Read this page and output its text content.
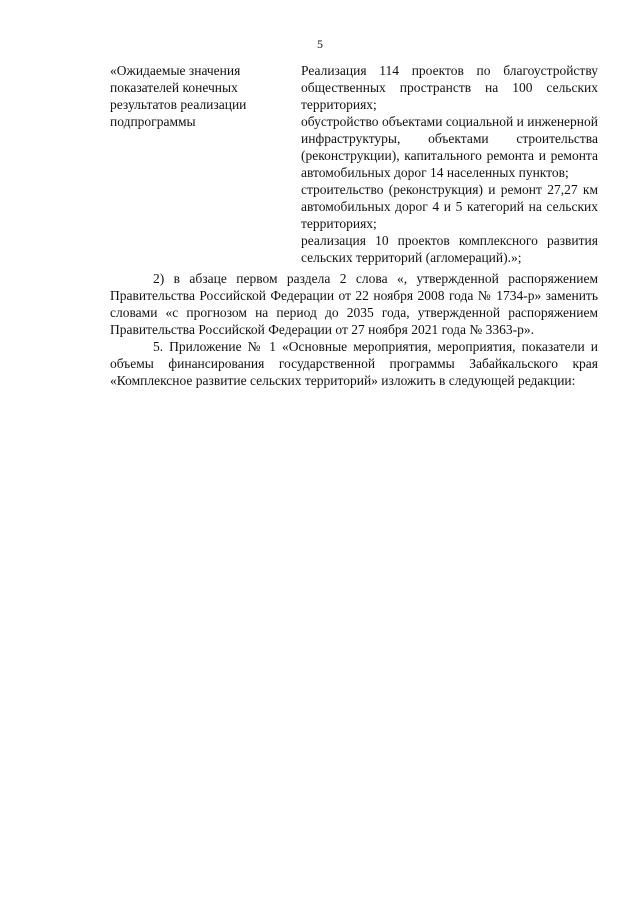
5

«Ожидаемые значения показателей конечных результатов реализации подпрограммы

Реализация 114 проектов по благоустройству общественных пространств на 100 сельских территориях;

обустройство объектами социальной и инженерной инфраструктуры, объектами строительства (реконструкции), капитального ремонта и ремонта автомобильных дорог 14 населенных пунктов;

строительство (реконструкция) и ремонт 27,27 км автомобильных дорог 4 и 5 категорий на сельских территориях;

реализация 10 проектов комплексного развития сельских территорий (агломераций).»;

2) в абзаце первом раздела 2 слова «, утвержденной распоряжением Правительства Российской Федерации от 22 ноября 2008 года № 1734-р» заменить словами «с прогнозом на период до 2035 года, утвержденной распоряжением Правительства Российской Федерации от 27 ноября 2021 года № 3363-р».

5. Приложение № 1 «Основные мероприятия, мероприятия, показатели и объемы финансирования государственной программы Забайкальского края «Комплексное развитие сельских территорий» изложить в следующей редакции:
